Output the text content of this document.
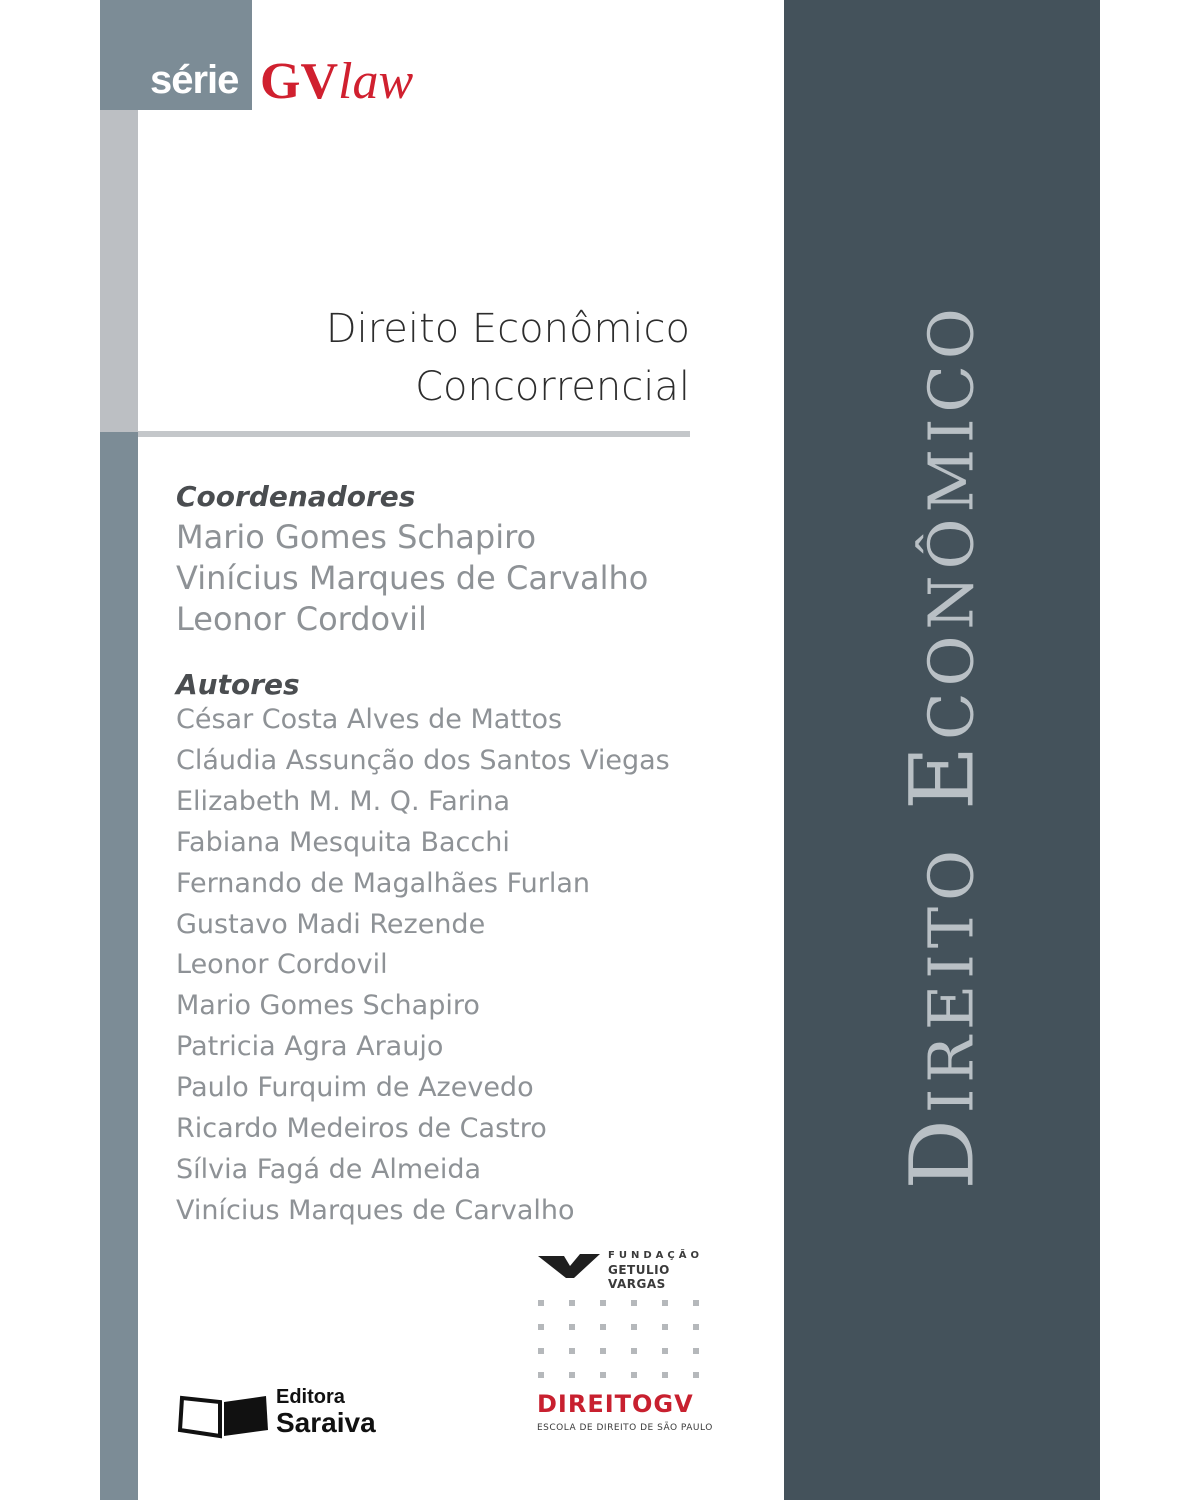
série GVlaw
Direito Econômico
Concorrencial
Coordenadores
Mario Gomes Schapiro
Vinícius Marques de Carvalho
Leonor Cordovil
Autores
César Costa Alves de Mattos
Cláudia Assunção dos Santos Viegas
Elizabeth M. M. Q. Farina
Fabiana Mesquita Bacchi
Fernando de Magalhães Furlan
Gustavo Madi Rezende
Leonor Cordovil
Mario Gomes Schapiro
Patricia Agra Araujo
Paulo Furquim de Azevedo
Ricardo Medeiros de Castro
Sílvia Fagá de Almeida
Vinícius Marques de Carvalho
FUNDAÇÃO
GETULIO VARGAS
DIREITOGV
ESCOLA DE DIREITO DE SÃO PAULO
Editora
Saraiva
Direito Econômico
